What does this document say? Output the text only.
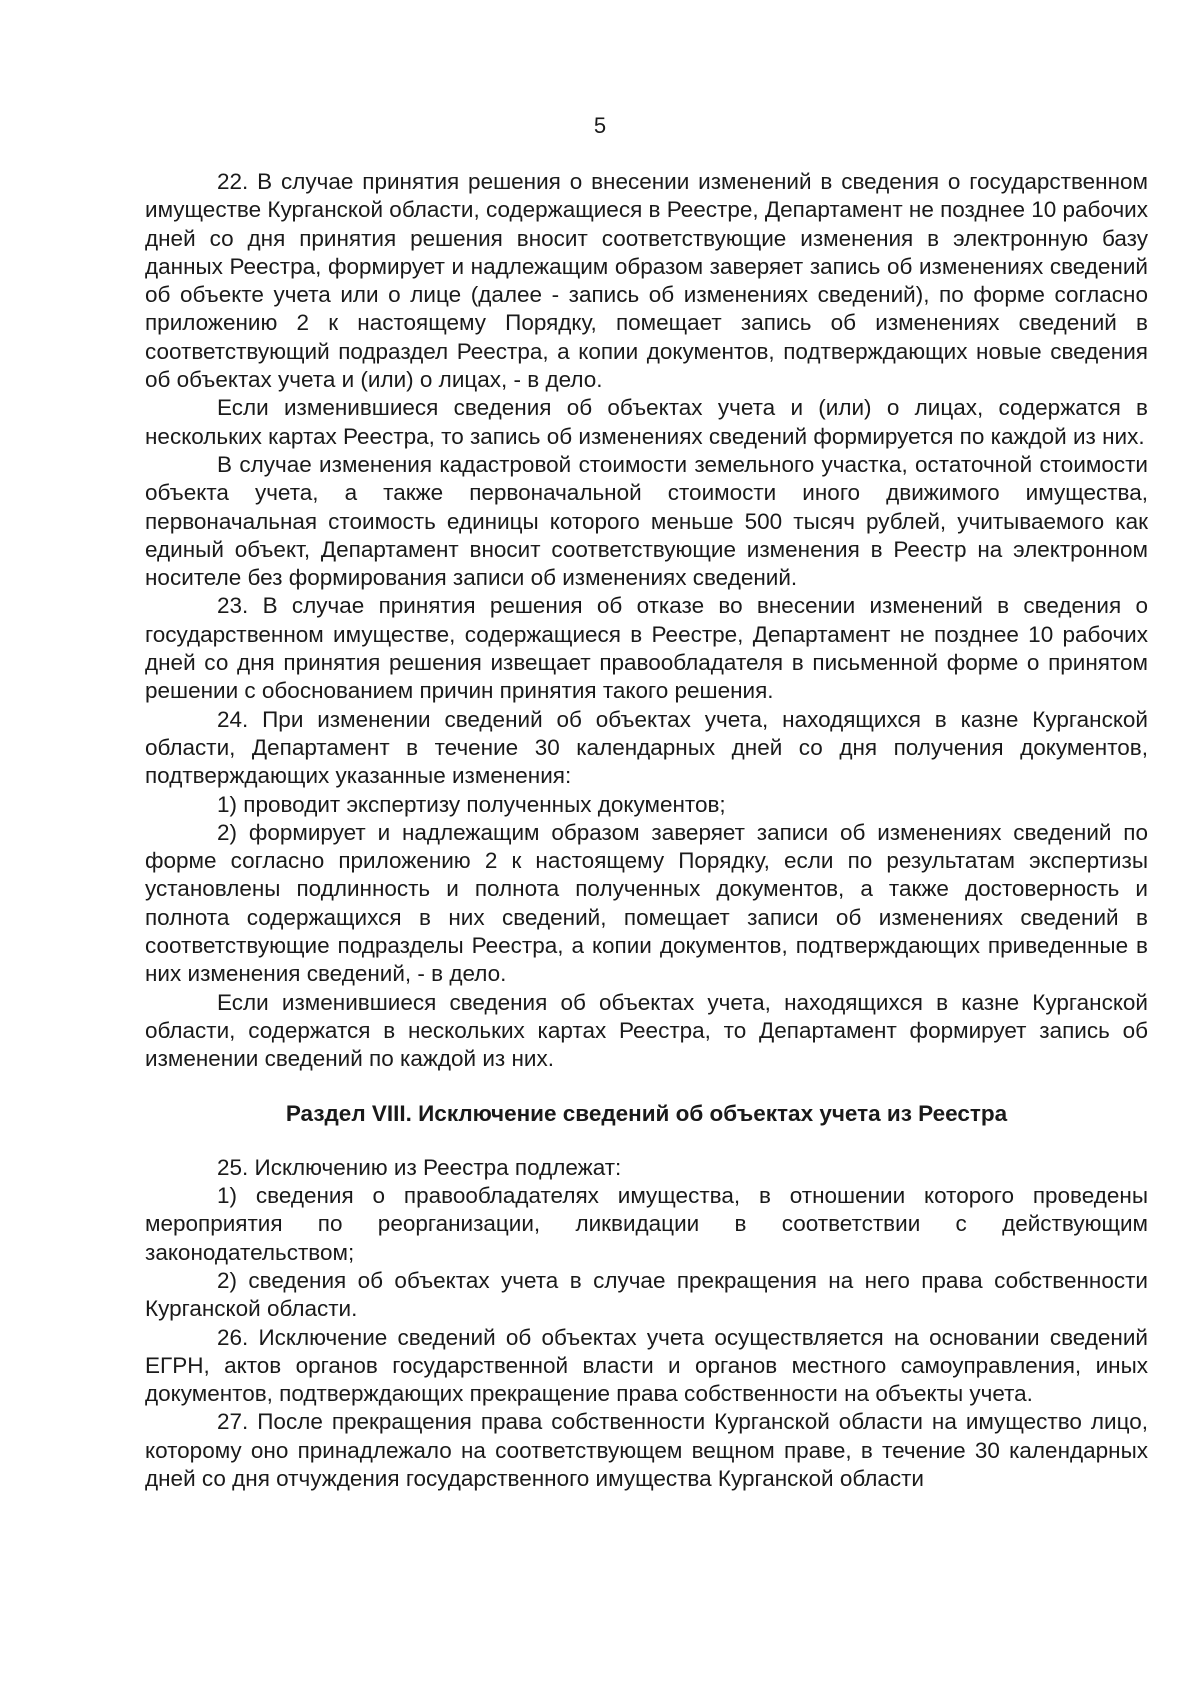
5

22. В случае принятия решения о внесении изменений в сведения о государственном имуществе Курганской области, содержащиеся в Реестре, Департамент не позднее 10 рабочих дней со дня принятия решения вносит соответствующие изменения в электронную базу данных Реестра, формирует и надлежащим образом заверяет запись об изменениях сведений об объекте учета или о лице (далее - запись об изменениях сведений), по форме согласно приложению 2 к настоящему Порядку, помещает запись об изменениях сведений в соответствующий подраздел Реестра, а копии документов, подтверждающих новые сведения об объектах учета и (или) о лицах, - в дело.

Если изменившиеся сведения об объектах учета и (или) о лицах, содержатся в нескольких картах Реестра, то запись об изменениях сведений формируется по каждой из них.

В случае изменения кадастровой стоимости земельного участка, остаточной стоимости объекта учета, а также первоначальной стоимости иного движимого имущества, первоначальная стоимость единицы которого меньше 500 тысяч рублей, учитываемого как единый объект, Департамент вносит соответствующие изменения в Реестр на электронном носителе без формирования записи об изменениях сведений.

23. В случае принятия решения об отказе во внесении изменений в сведения о государственном имуществе, содержащиеся в Реестре, Департамент не позднее 10 рабочих дней со дня принятия решения извещает правообладателя в письменной форме о принятом решении с обоснованием причин принятия такого решения.

24. При изменении сведений об объектах учета, находящихся в казне Курганской области, Департамент в течение 30 календарных дней со дня получения документов, подтверждающих указанные изменения:

1) проводит экспертизу полученных документов;

2) формирует и надлежащим образом заверяет записи об изменениях сведений по форме согласно приложению 2 к настоящему Порядку, если по результатам экспертизы установлены подлинность и полнота полученных документов, а также достоверность и полнота содержащихся в них сведений, помещает записи об изменениях сведений в соответствующие подразделы Реестра, а копии документов, подтверждающих приведенные в них изменения сведений, - в дело.

Если изменившиеся сведения об объектах учета, находящихся в казне Курганской области, содержатся в нескольких картах Реестра, то Департамент формирует запись об изменении сведений по каждой из них.

Раздел VIII. Исключение сведений об объектах учета из Реестра

25. Исключению из Реестра подлежат:

1) сведения о правообладателях имущества, в отношении которого проведены мероприятия по реорганизации, ликвидации в соответствии с действующим законодательством;

2) сведения об объектах учета в случае прекращения на него права собственности Курганской области.

26. Исключение сведений об объектах учета осуществляется на основании сведений ЕГРН, актов органов государственной власти и органов местного самоуправления, иных документов, подтверждающих прекращение права собственности на объекты учета.

27. После прекращения права собственности Курганской области на имущество лицо, которому оно принадлежало на соответствующем вещном праве, в течение 30 календарных дней со дня отчуждения государственного имущества Курганской области
